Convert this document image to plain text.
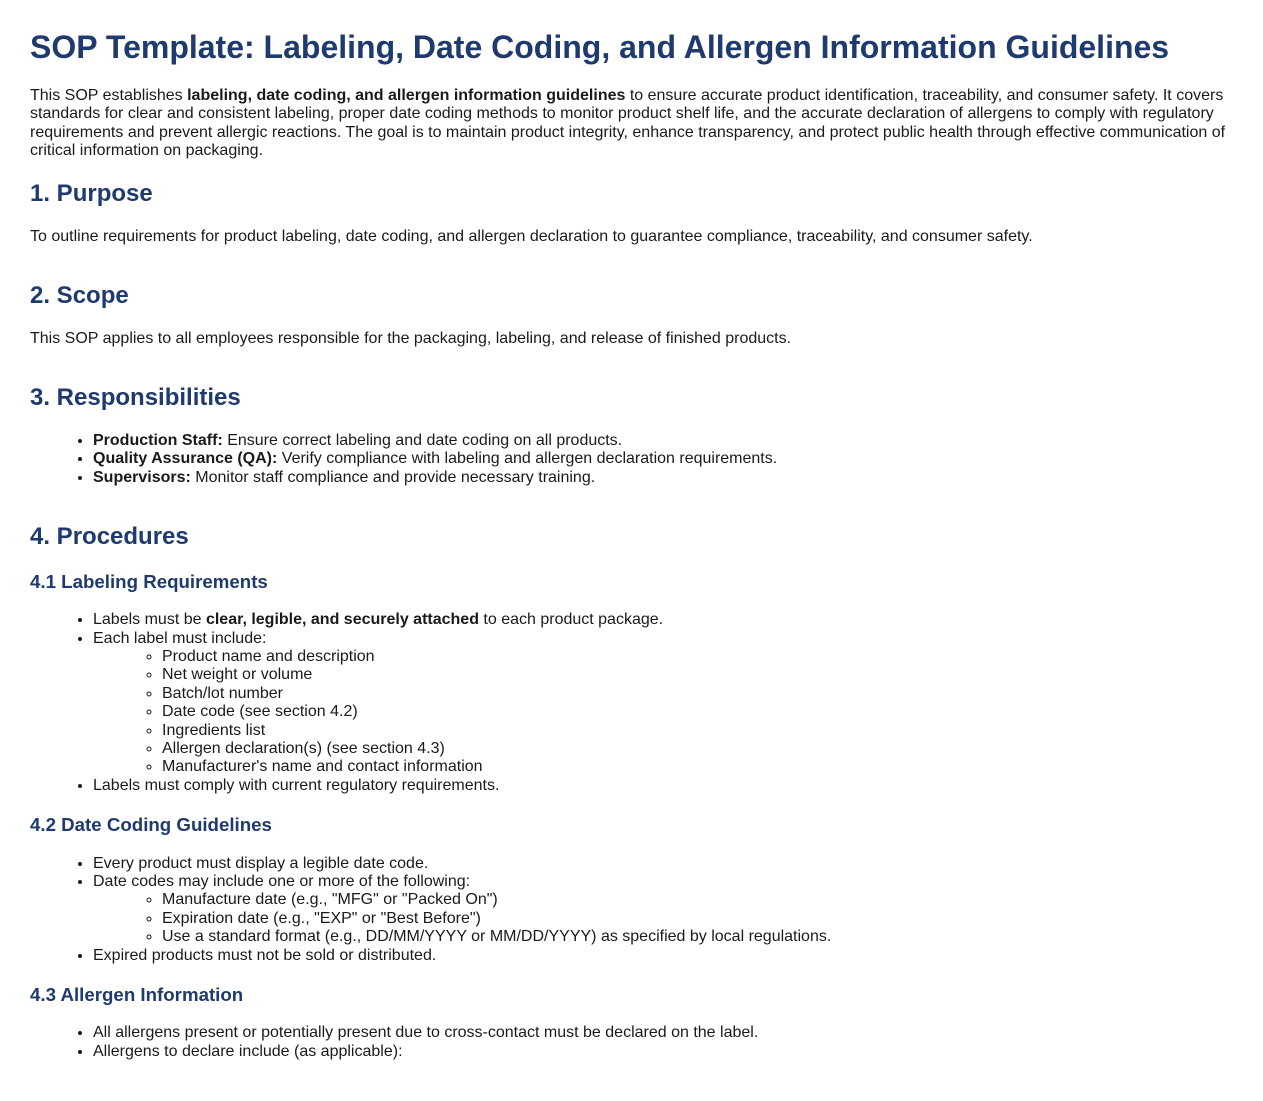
SOP Template: Labeling, Date Coding, and Allergen Information Guidelines

This SOP establishes labeling, date coding, and allergen information guidelines to ensure accurate product identification, traceability, and consumer safety. It covers standards for clear and consistent labeling, proper date coding methods to monitor product shelf life, and the accurate declaration of allergens to comply with regulatory requirements and prevent allergic reactions. The goal is to maintain product integrity, enhance transparency, and protect public health through effective communication of critical information on packaging.

1. Purpose

To outline requirements for product labeling, date coding, and allergen declaration to guarantee compliance, traceability, and consumer safety.

2. Scope

This SOP applies to all employees responsible for the packaging, labeling, and release of finished products.

3. Responsibilities
• Production Staff: Ensure correct labeling and date coding on all products.
• Quality Assurance (QA): Verify compliance with labeling and allergen declaration requirements.
• Supervisors: Monitor staff compliance and provide necessary training.
4. Procedures
4.1 Labeling Requirements
• Labels must be clear, legible, and securely attached to each product package.
• Each label must include:
◦ Product name and description
◦ Net weight or volume
◦ Batch/lot number
◦ Date code (see section 4.2)
◦ Ingredients list
◦ Allergen declaration(s) (see section 4.3)
◦ Manufacturer's name and contact information
• Labels must comply with current regulatory requirements.
4.2 Date Coding Guidelines
• Every product must display a legible date code.
• Date codes may include one or more of the following:
◦ Manufacture date (e.g., "MFG" or "Packed On")
◦ Expiration date (e.g., "EXP" or "Best Before")
◦ Use a standard format (e.g., DD/MM/YYYY or MM/DD/YYYY) as specified by local regulations.
• Expired products must not be sold or distributed.
4.3 Allergen Information
• All allergens present or potentially present due to cross-contact must be declared on the label.
• Allergens to declare include (as applicable):
